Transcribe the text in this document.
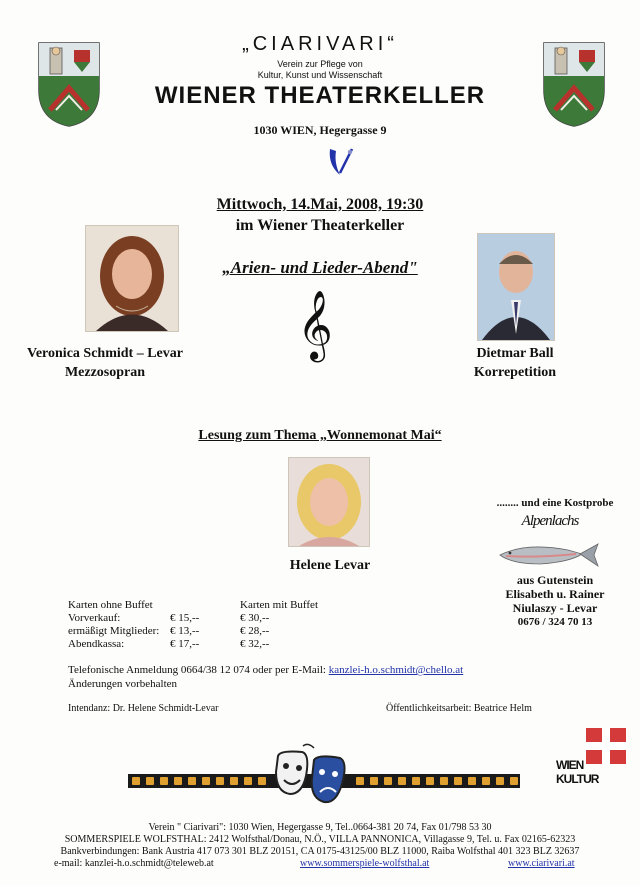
„CIARIVARI“
Verein zur Pflege von
Kultur, Kunst und Wissenschaft
WIENER THEATERKELLER
1030 WIEN, Hegergasse 9
Mittwoch, 14.Mai, 2008, 19:30
im Wiener Theaterkeller
„Arien- und Lieder-Abend"
𝄞
Veronica Schmidt – Levar
Mezzosopran
Dietmar Ball
Korrepetition
Lesung zum Thema „Wonnemonat Mai“
Helene Levar
........ und eine Kostprobe
Alpenlachs
aus Gutenstein
Elisabeth u. Rainer
Niulaszy - Levar
0676 / 324 70 13
Karten ohne Buffet		Karten mit Buffet
Vorverkauf:	€ 15,--	€ 30,--
ermäßigt Mitglieder:	€ 13,--	€ 28,--
Abendkassa:	€ 17,--	€ 32,--
Telefonische Anmeldung 0664/38 12 074 oder per E-Mail: kanzlei-h.o.schmidt@chello.at
Änderungen vorbehalten
Intendanz: Dr. Helene Schmidt-Levar	Öffentlichkeitsarbeit: Beatrice Helm
WIEN
KULTUR
Verein " Ciarivari": 1030 Wien, Hegergasse 9, Tel..0664-381 20 74, Fax 01/798 53 30
SOMMERSPIELE WOLFSTHAL: 2412 Wolfsthal/Donau, N.Ö., VILLA PANNONICA, Villagasse 9, Tel. u. Fax 02165-62323
Bankverbindungen: Bank Austria 417 073 301 BLZ 20151, CA 0175-43125/00 BLZ 11000, Raiba Wolfsthal 401 323 BLZ 32637
e-mail: kanzlei-h.o.schmidt@teleweb.at	www.sommerspiele-wolfsthal.at	www.ciarivari.at
